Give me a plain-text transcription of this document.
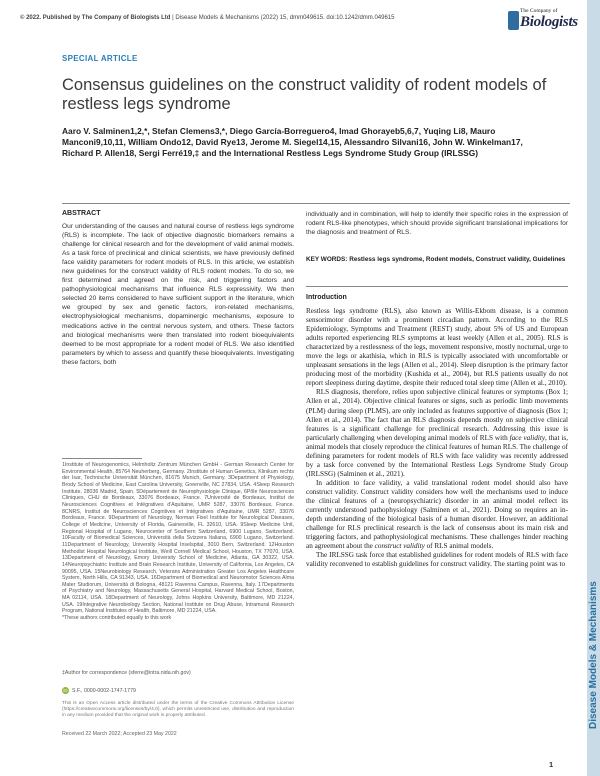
© 2022. Published by The Company of Biologists Ltd | Disease Models & Mechanisms (2022) 15, dmm049615. doi:10.1242/dmm.049615
The Company of
Biologists
Disease Models & Mechanisms
SPECIAL ARTICLE
Consensus guidelines on the construct validity of rodent models of restless legs syndrome
Aaro V. Salminen1,2,*, Stefan Clemens3,*, Diego García-Borreguero4, Imad Ghorayeb5,6,7, Yuqing Li8, Mauro Manconi9,10,11, William Ondo12, David Rye13, Jerome M. Siegel14,15, Alessandro Silvani16, John W. Winkelman17, Richard P. Allen18, Sergi Ferré19,‡ and the International Restless Legs Syndrome Study Group (IRLSSG)
ABSTRACT
Our understanding of the causes and natural course of restless legs syndrome (RLS) is incomplete. The lack of objective diagnostic biomarkers remains a challenge for clinical research and for the development of valid animal models. As a task force of preclinical and clinical scientists, we have previously defined face validity parameters for rodent models of RLS. In this article, we establish new guidelines for the construct validity of RLS rodent models. To do so, we first determined and agreed on the risk, and triggering factors and pathophysiological mechanisms that influence RLS expressivity. We then selected 20 items considered to have sufficient support in the literature, which we grouped by sex and genetic factors, iron-related mechanisms, electrophysiological mechanisms, dopaminergic mechanisms, exposure to medications active in the central nervous system, and others. These factors and biological mechanisms were then translated into rodent bioequivalents deemed to be most appropriate for a rodent model of RLS. We also identified parameters by which to assess and quantify these bioequivalents. Investigating these factors, both
individually and in combination, will help to identify their specific roles in the expression of rodent RLS-like phenotypes, which should provide significant translational implications for the diagnosis and treatment of RLS.
KEY WORDS: Restless legs syndrome, Rodent models, Construct validity, Guidelines
Introduction

Restless legs syndrome (RLS), also known as Willis-Ekbom disease, is a common sensorimotor disorder with a prominent circadian pattern. According to the RLS Epidemiology, Symptoms and Treatment (REST) study, about 5% of US and European adults reported experiencing RLS symptoms at least weekly (Allen et al., 2005). RLS is characterized by a restlessness of the legs, movement responsive, mostly nocturnal, urge to move the legs or akathisia, which in RLS is typically associated with uncomfortable or unpleasant sensations in the legs (Allen et al., 2014). Sleep disruption is the primary factor producing most of the morbidity (Kushida et al., 2004), but RLS patients usually do not report sleepiness during daytime, despite their reduced total sleep time (Allen et al., 2010).

RLS diagnosis, therefore, relies upon subjective clinical features or symptoms (Box 1; Allen et al., 2014). Objective clinical features or signs, such as periodic limb movements (PLM) during sleep (PLMS), are only included as features supportive of diagnosis (Box 1; Allen et al., 2014). The fact that an RLS diagnosis depends mostly on subjective clinical features is a significant challenge for preclinical research. Addressing this issue is particularly challenging when developing animal models of RLS with face validity, that is, animal models that closely reproduce the clinical features of human RLS. The challenge of defining parameters for rodent models of RLS with face validity was recently addressed by a task force convened by the International Restless Legs Syndrome Study Group (IRLSSG) (Salminen et al., 2021).

In addition to face validity, a valid translational rodent model should also have construct validity. Construct validity considers how well the mechanisms used to induce the clinical features of a (neuropsychiatric) disorder in an animal model reflect its currently understood pathophysiology (Salminen et al., 2021). Doing so requires an in-depth understanding of the biological basis of a human disorder. However, an additional challenge for RLS preclinical research is the lack of consensus about its main risk and triggering factors, and pathophysiological mechanisms. These challenges hinder reaching an agreement about the construct validity of RLS animal models.

The IRLSSG task force that established guidelines for rodent models of RLS with face validity reconvened to establish guidelines for construct validity. The starting point was to

1Institute of Neurogenomics, Helmholtz Zentrum München GmbH - German Research Center for Environmental Health, 85764 Neuherberg, Germany. 2Institute of Human Genetics, Klinikum rechts der Isar, Technische Universität München, 81675 Munich, Germany. 3Department of Physiology, Brody School of Medicine, East Carolina University, Greenville, NC 27834, USA. 4Sleep Research Institute, 28036 Madrid, Spain. 5Département de Neurophysiologie Clinique, 6Pôle Neurosciences Cliniques, CHU de Bordeaux, 33076 Bordeaux, France. 7Université de Bordeaux, Institut de Neurosciences Cognitives et Intégratives d'Aquitaine, UMR 5287, 33076 Bordeaux, France. 8CNRS, Institut de Neurosciences Cognitives et Intégratives d'Aquitaine, UMR 5287, 33076 Bordeaux, France. 9Department of Neurology, Norman Fixel Institute for Neurological Diseases, College of Medicine, University of Florida, Gainesville, FL 32610, USA. 9Sleep Medicine Unit, Regional Hospital of Lugano, Neurocenter of Southern Switzerland, 6900 Lugano, Switzerland. 10Faculty of Biomedical Sciences, Università della Svizzera Italiana, 6900 Lugano, Switzerland. 11Department of Neurology, University Hospital Inselspital, 3010 Bern, Switzerland. 12Houston Methodist Hospital Neurological Institute, Weill Cornell Medical School, Houston, TX 77070, USA. 13Department of Neurology, Emory University School of Medicine, Atlanta, GA 30322, USA. 14Neuropsychiatric Institute and Brain Research Institute, University of California, Los Angeles, CA 90095, USA. 15Neurobiology Research, Veterans Administration Greater Los Angeles Healthcare System, North Hills, CA 91343, USA. 16Department of Biomedical and Neuromotor Sciences Alma Mater Studiorum, Università di Bologna, 48121 Ravenna Campus, Ravenna, Italy. 17Departments of Psychiatry and Neurology, Massachusetts General Hospital, Harvard Medical School, Boston, MA 02114, USA. 18Department of Neurology, Johns Hopkins University, Baltimore, MD 21224, USA. 19Integrative Neurobiology Section, National Institute on Drug Abuse, Intramural Research Program, National Institutes of Health, Baltimore, MD 21224, USA.
*These authors contributed equally to this work
‡Author for correspondence (sferre@intra.nida.nih.gov)
iD S.F., 0000-0002-1747-1779
This is an Open Access article distributed under the terms of the Creative Commons Attribution License (https://creativecommons.org/licenses/by/4.0), which permits unrestricted use, distribution and reproduction in any medium provided that the original work is properly attributed.
Received 22 March 2022; Accepted 23 May 2022
1
